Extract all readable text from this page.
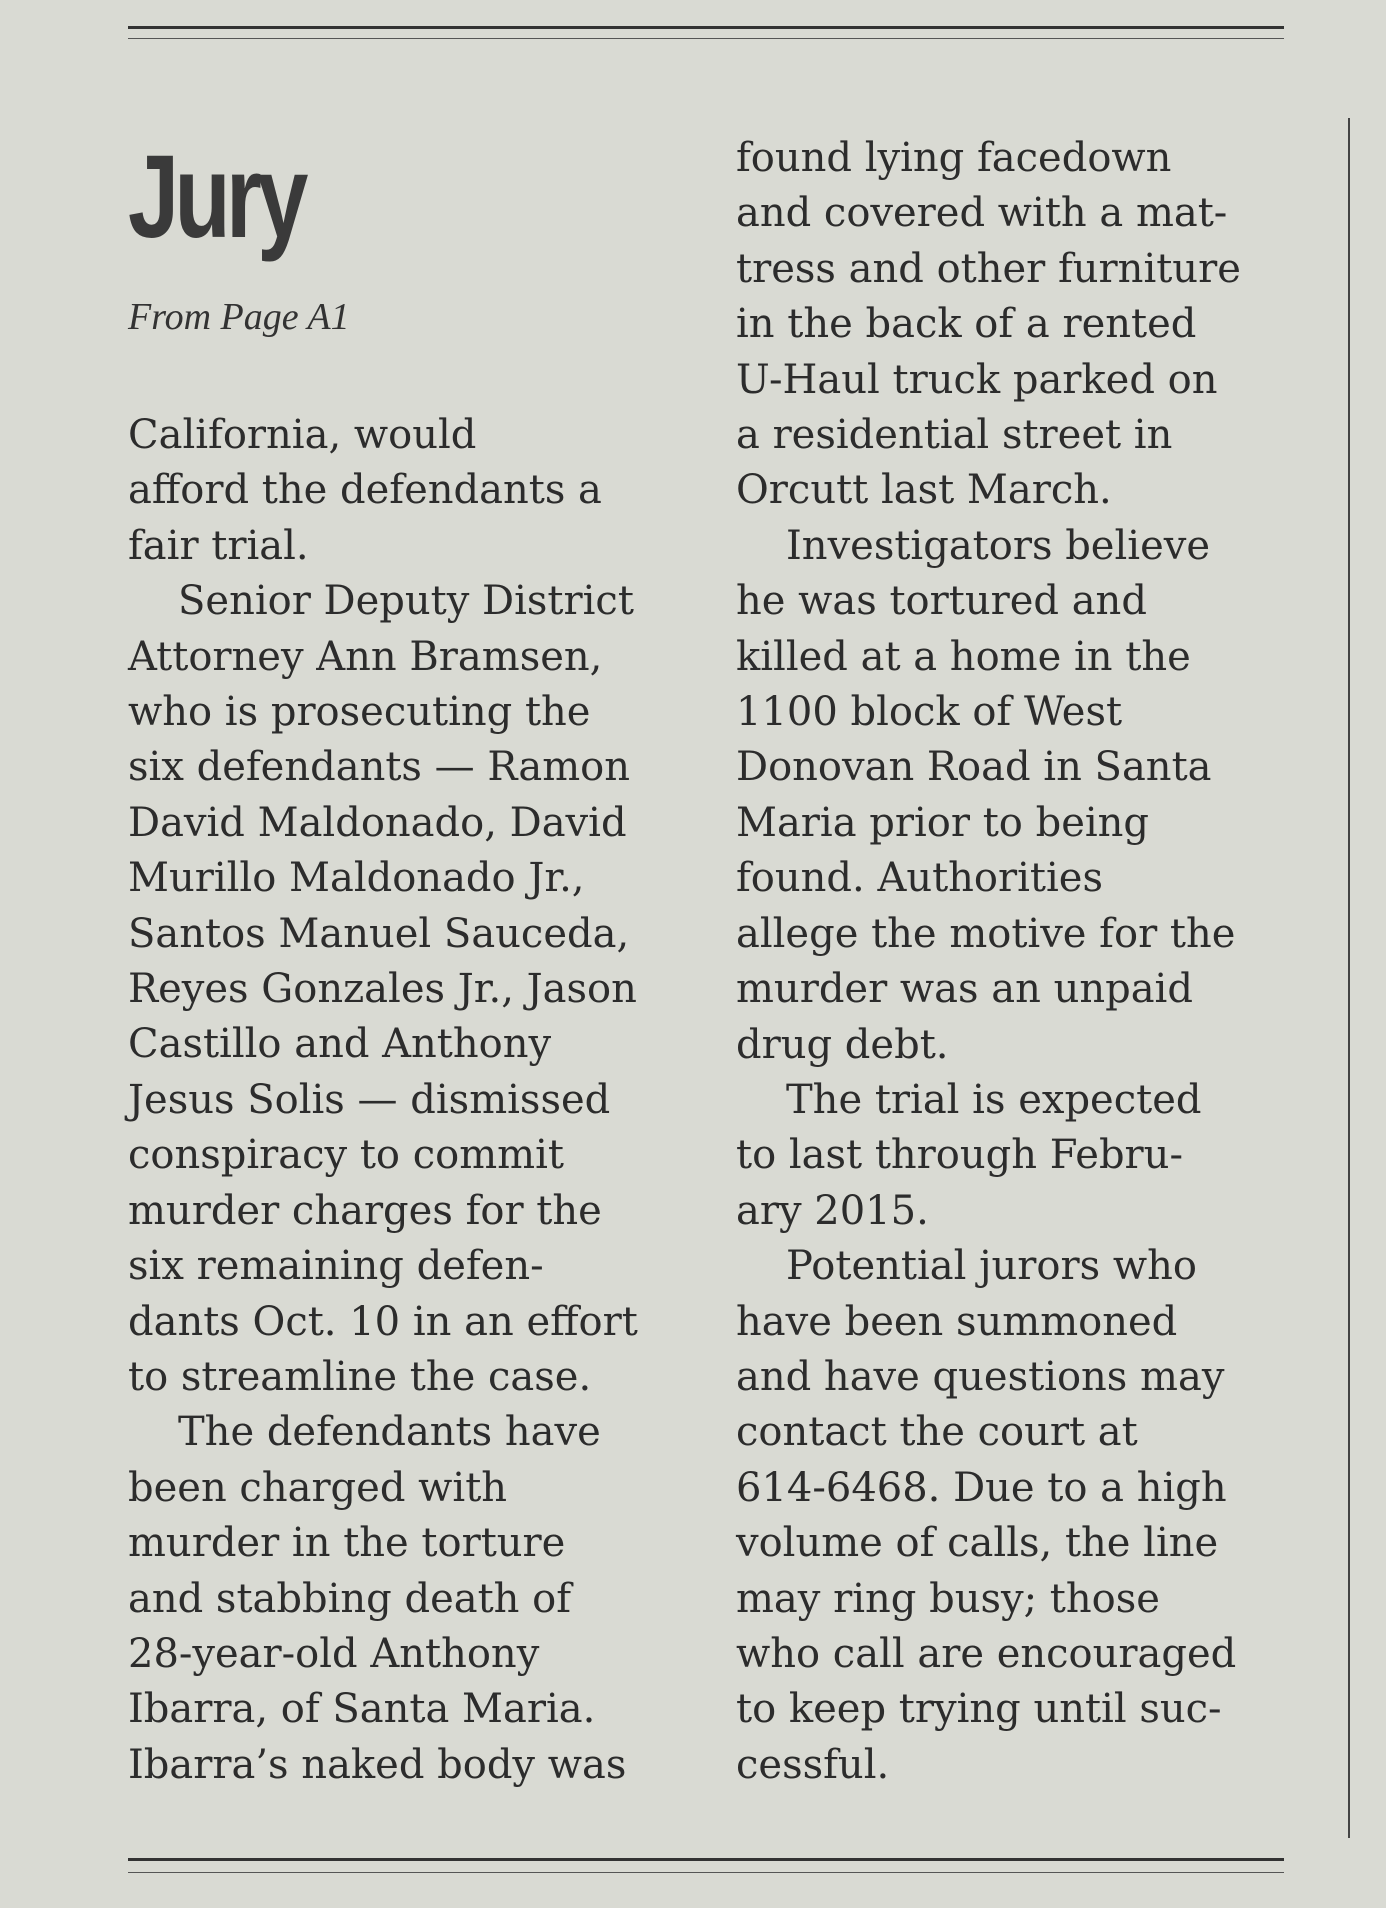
Jury
From Page A1

California, would
afford the defendants a
fair trial.

Senior Deputy District
Attorney Ann Bramsen,
who is prosecuting the
six defendants — Ramon
David Maldonado, David
Murillo Maldonado Jr.,
Santos Manuel Sauceda,
Reyes Gonzales Jr., Jason
Castillo and Anthony
Jesus Solis — dismissed
conspiracy to commit
murder charges for the
six remaining defen-
dants Oct. 10 in an effort
to streamline the case.

The defendants have
been charged with
murder in the torture
and stabbing death of
28-year-old Anthony
Ibarra, of Santa Maria.
Ibarra’s naked body was

found lying facedown
and covered with a mat-
tress and other furniture
in the back of a rented
U-Haul truck parked on
a residential street in
Orcutt last March.

Investigators believe
he was tortured and
killed at a home in the
1100 block of West
Donovan Road in Santa
Maria prior to being
found. Authorities
allege the motive for the
murder was an unpaid
drug debt.

The trial is expected
to last through Febru-
ary 2015.

Potential jurors who
have been summoned
and have questions may
contact the court at
614-6468. Due to a high
volume of calls, the line
may ring busy; those
who call are encouraged
to keep trying until suc-
cessful.
